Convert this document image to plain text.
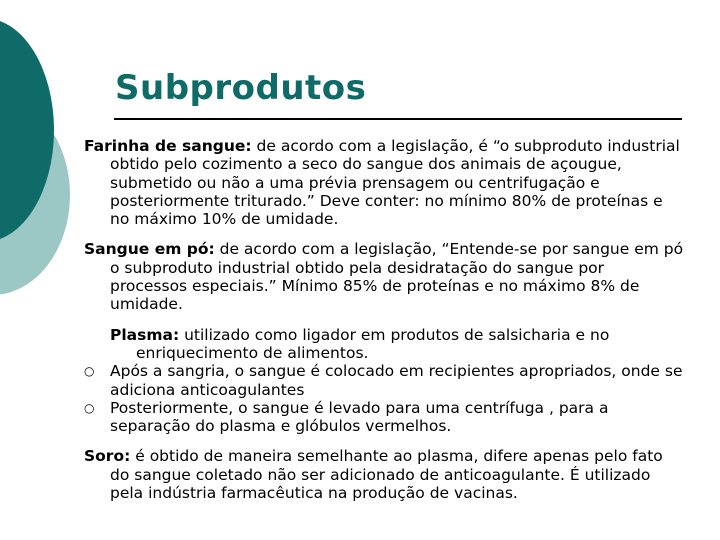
Subprodutos

Farinha de sangue: de acordo com a legislação, é “o subproduto industrial obtido pelo cozimento a seco do sangue dos animais de açougue, submetido ou não a uma prévia prensagem ou centrifugação e posteriormente triturado.” Deve conter: no mínimo 80% de proteínas e no máximo 10% de umidade.

Sangue em pó: de acordo com a legislação, “Entende-se por sangue em pó o subproduto industrial obtido pela desidratação do sangue por processos especiais.” Mínimo 85% de proteínas e no máximo 8% de umidade.

Plasma: utilizado como ligador em produtos de salsicharia e no enriquecimento de alimentos.

○ Após a sangria, o sangue é colocado em recipientes apropriados, onde se adiciona anticoagulantes

○ Posteriormente, o sangue é levado para uma centrífuga , para a separação do plasma e glóbulos vermelhos.

Soro: é obtido de maneira semelhante ao plasma, difere apenas pelo fato do sangue coletado não ser adicionado de anticoagulante. É utilizado pela indústria farmacêutica na produção de vacinas.
